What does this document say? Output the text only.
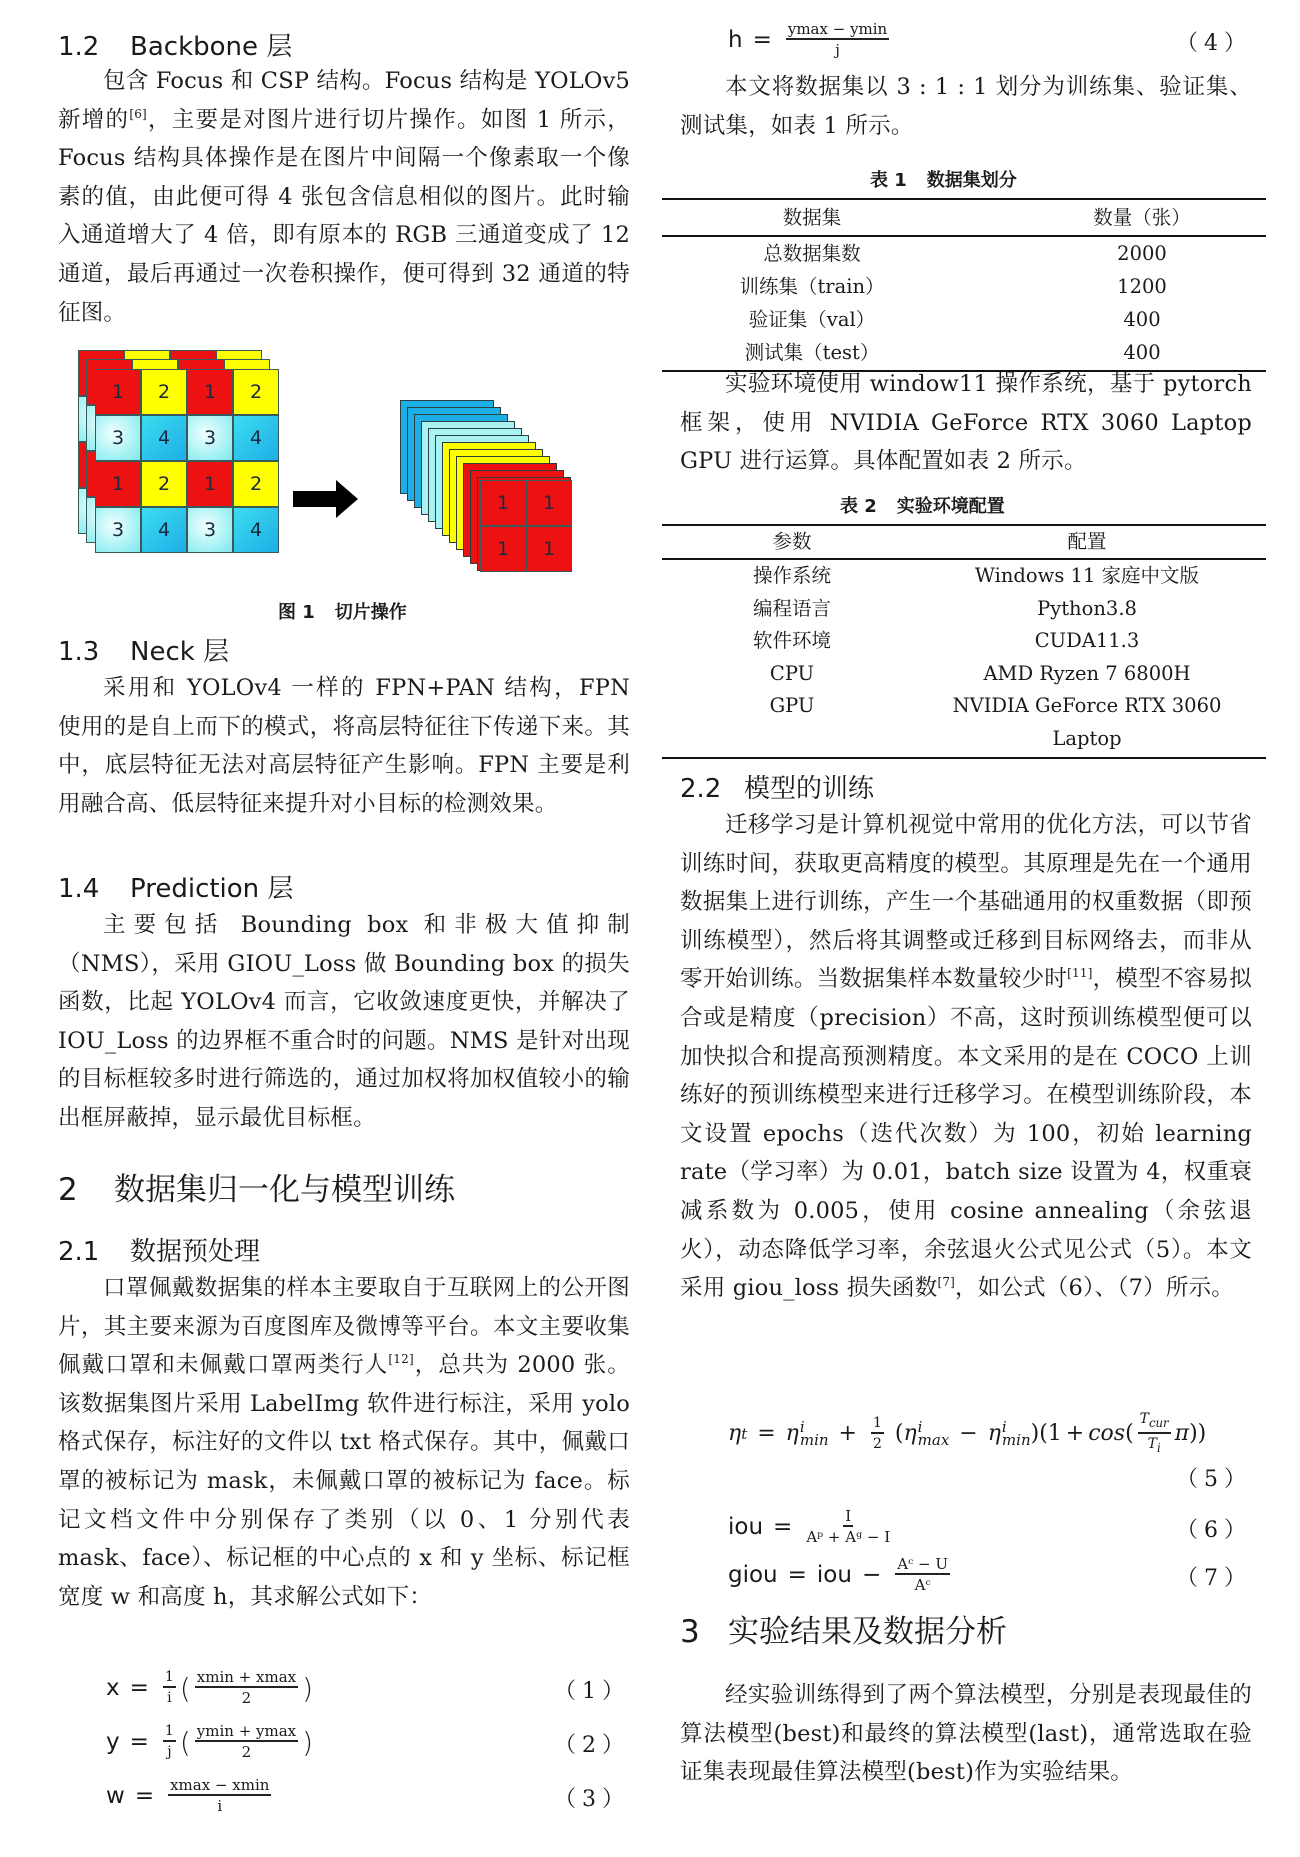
1.2 Backbone 层

包含 Focus 和 CSP 结构。Focus 结构是 YOLOv5 新增的[6]，主要是对图片进行切片操作。如图 1 所示，Focus 结构具体操作是在图片中间隔一个像素取一个像素的值，由此便可得 4 张包含信息相似的图片。此时输入通道增大了 4 倍，即有原本的 RGB 三通道变成了 12 通道，最后再通过一次卷积操作，便可得到 32 通道的特征图。

1	2	1	2
3	4	3	4
1	2	1	2
3	4	3	4
1	1
1	1
图 1 切片操作
1.3 Neck 层

采用和 YOLOv4 一样的 FPN+PAN 结构，FPN 使用的是自上而下的模式，将高层特征往下传递下来。其中，底层特征无法对高层特征产生影响。FPN 主要是利用融合高、低层特征来提升对小目标的检测效果。

1.4 Prediction 层

主要包括 Bounding box 和非极大值抑制（NMS），采用 GIOU_Loss 做 Bounding box 的损失函数，比起 YOLOv4 而言，它收敛速度更快，并解决了 IOU_Loss 的边界框不重合时的问题。NMS 是针对出现的目标框较多时进行筛选的，通过加权将加权值较小的输出框屏蔽掉，显示最优目标框。

2 数据集归一化与模型训练
2.1 数据预处理

口罩佩戴数据集的样本主要取自于互联网上的公开图片，其主要来源为百度图库及微博等平台。本文主要收集佩戴口罩和未佩戴口罩两类行人[12]，总共为 2000 张。该数据集图片采用 LabelImg 软件进行标注，采用 yolo 格式保存，标注好的文件以 txt 格式保存。其中，佩戴口罩的被标记为 mask，未佩戴口罩的被标记为 face。标记文档文件中分别保存了类别（以 0、1 分别代表 mask、face）、标记框的中心点的 x 和 y 坐标、标记框宽度 w 和高度 h，其求解公式如下：

$x = \frac{1}{i}$ ( $\frac{xmin + xmax}{2}$ )	（1）
$y = \frac{1}{j}$ ( $\frac{ymin + ymax}{2}$ )	（2）
$w = \frac{xmax - xmin}{i}$	（3）
$h = \frac{ymax - ymin}{j}$	（4）

本文将数据集以 3 : 1 : 1 划分为训练集、验证集、测试集，如表 1 所示。

表 1 数据集划分
数据集	数量（张）
总数据集数	2000
训练集（train）	1200
验证集（val）	400
测试集（test）	400

实验环境使用 window11 操作系统，基于 pytorch 框架，使用 NVIDIA GeForce RTX 3060 Laptop GPU 进行运算。具体配置如表 2 所示。

表 2 实验环境配置
参数	配置
操作系统	Windows 11 家庭中文版
编程语言	Python3.8
软件环境	CUDA11.3
CPU	AMD Ryzen 7 6800H
GPU	NVIDIA GeForce RTX 3060
Laptop
2.2 模型的训练

迁移学习是计算机视觉中常用的优化方法，可以节省训练时间，获取更高精度的模型。其原理是先在一个通用数据集上进行训练，产生一个基础通用的权重数据（即预训练模型），然后将其调整或迁移到目标网络去，而非从零开始训练。当数据集样本数量较少时[11]，模型不容易拟合或是精度（precision）不高，这时预训练模型便可以加快拟合和提高预测精度。本文采用的是在 COCO 上训练好的预训练模型来进行迁移学习。在模型训练阶段，本文设置 epochs（迭代次数）为 100，初始 learning rate（学习率）为 0.01，batch size 设置为 4，权重衰减系数为 0.005，使用 cosine annealing（余弦退火），动态降低学习率，余弦退火公式见公式（5）。本文采用 giou_loss 损失函数[7]，如公式（6）、（7）所示。

η t = η i
$\min + \frac{1}{2}$ ( η i
max − η i
min )( 1 + cos ( $\frac{T_{cur}}{T_i}$ π ))
（5）
iou = $\frac{I}{\text{Aᵖ + Aᵍ − I}}$	（6）
giou = iou − $\frac{\text{Aᶜ − U}}{\text{Aᶜ}}$	（7）
3 实验结果及数据分析

经实验训练得到了两个算法模型，分别是表现最佳的算法模型(best)和最终的算法模型(last)，通常选取在验证集表现最佳算法模型(best)作为实验结果。
